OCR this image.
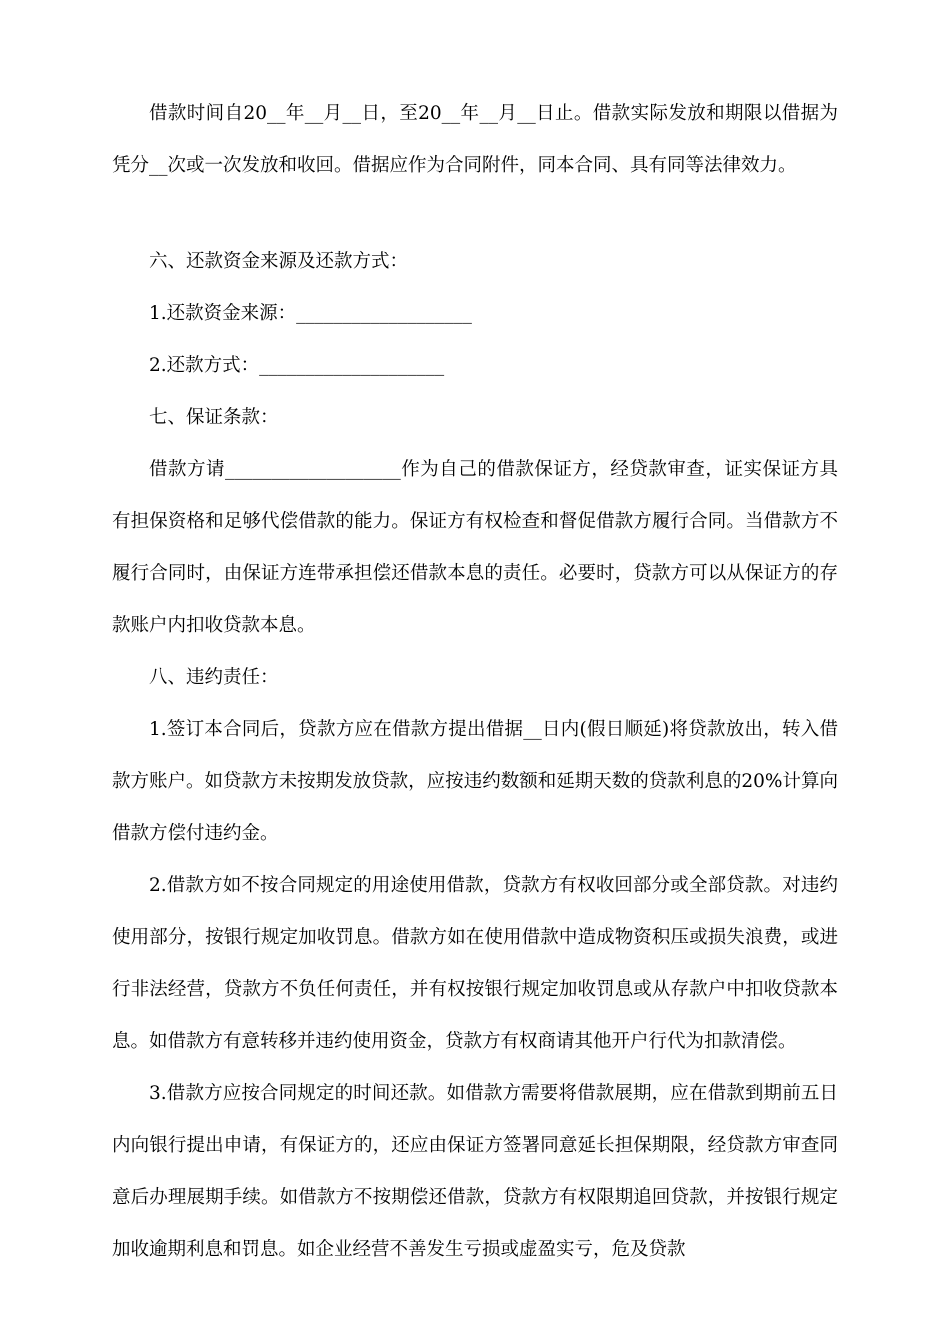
借款时间自20__年__月__日，至20__年__月__日止。借款实际发放和期限以借据为凭分__次或一次发放和收回。借据应作为合同附件，同本合同、具有同等法律效力。

六、还款资金来源及还款方式：

1.还款资金来源：___________________

2.还款方式：____________________

七、保证条款：

借款方请___________________作为自己的借款保证方，经贷款审查，证实保证方具有担保资格和足够代偿借款的能力。保证方有权检查和督促借款方履行合同。当借款方不履行合同时，由保证方连带承担偿还借款本息的责任。必要时，贷款方可以从保证方的存款账户内扣收贷款本息。

八、违约责任：

1.签订本合同后，贷款方应在借款方提出借据__日内(假日顺延)将贷款放出，转入借款方账户。如贷款方未按期发放贷款，应按违约数额和延期天数的贷款利息的20%计算向借款方偿付违约金。

2.借款方如不按合同规定的用途使用借款，贷款方有权收回部分或全部贷款。对违约使用部分，按银行规定加收罚息。借款方如在使用借款中造成物资积压或损失浪费，或进行非法经营，贷款方不负任何责任，并有权按银行规定加收罚息或从存款户中扣收贷款本息。如借款方有意转移并违约使用资金，贷款方有权商请其他开户行代为扣款清偿。

3.借款方应按合同规定的时间还款。如借款方需要将借款展期，应在借款到期前五日内向银行提出申请，有保证方的，还应由保证方签署同意延长担保期限，经贷款方审查同意后办理展期手续。如借款方不按期偿还借款，贷款方有权限期追回贷款，并按银行规定加收逾期利息和罚息。如企业经营不善发生亏损或虚盈实亏，危及贷款
